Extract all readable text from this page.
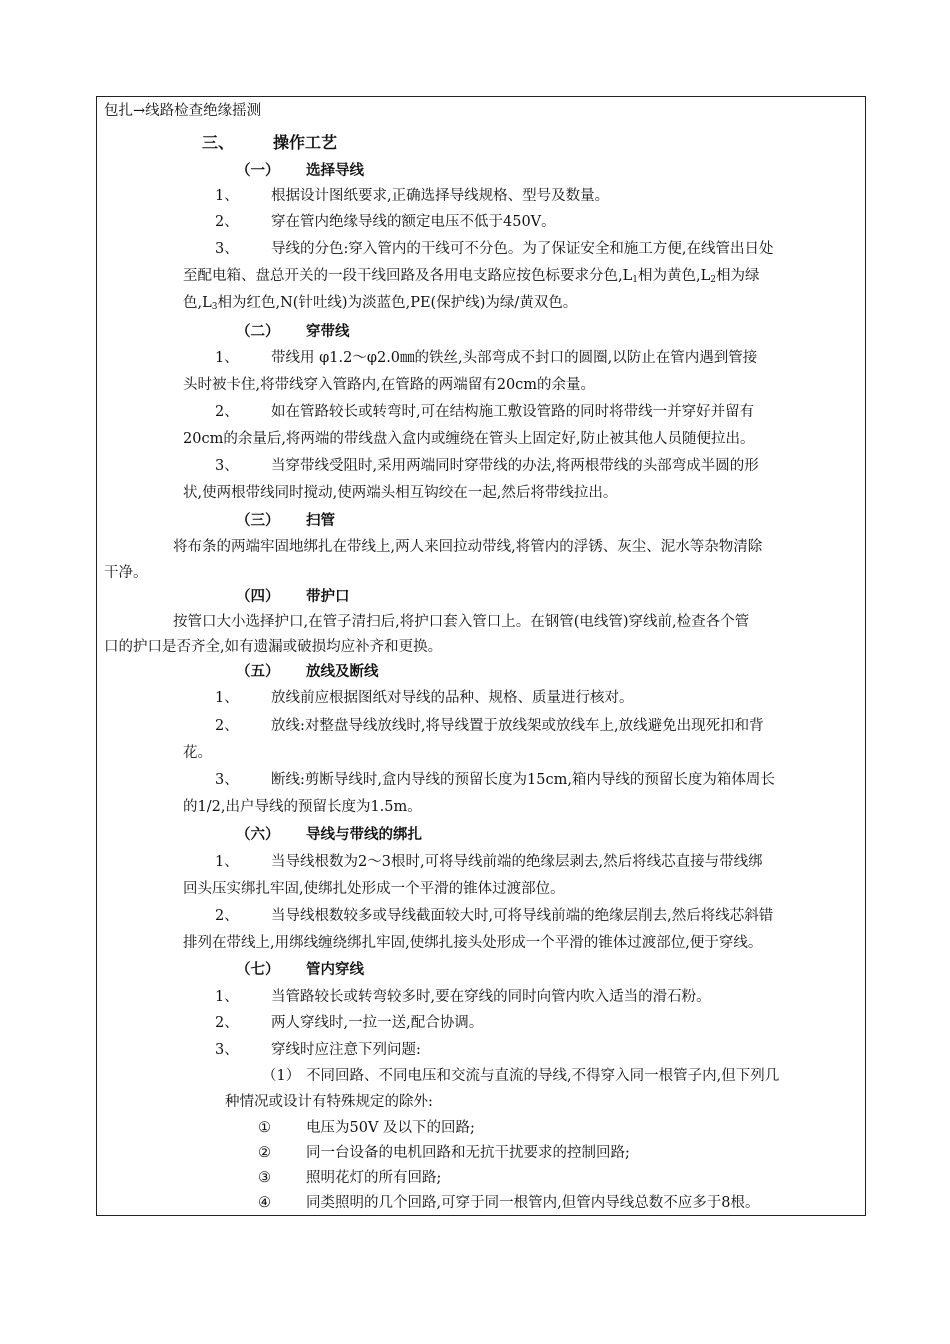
包扎→线路检查绝缘摇测
三、 操作工艺
（一） 选择导线
1、 根据设计图纸要求,正确选择导线规格、型号及数量。
2、 穿在管内绝缘导线的额定电压不低于450V。
3、 导线的分色:穿入管内的干线可不分色。为了保证安全和施工方便,在线管出日处
至配电箱、盘总开关的一段干线回路及各用电支路应按色标要求分色$,L_1$相为黄色$,L_2$相为绿
色$,L_3$相为红色,N(针吐线)为淡蓝色,PE(保护线)为绿/黄双色。
（二） 穿带线
1、 带线用 φ1.2～φ2.0㎜的铁丝,头部弯成不封口的圆圈,以防止在管内遇到管接
头时被卡住,将带线穿入管路内,在管路的两端留有20cm的余量。
2、 如在管路较长或转弯时,可在结构施工敷设管路的同时将带线一并穿好并留有
20cm的余量后,将两端的带线盘入盒内或缠绕在管头上固定好,防止被其他人员随便拉出。
3、 当穿带线受阻时,采用两端同时穿带线的办法,将两根带线的头部弯成半圆的形
状,使两根带线同时搅动,使两端头相互钩绞在一起,然后将带线拉出。
（三） 扫管
将布条的两端牢固地绑扎在带线上,两人来回拉动带线,将管内的浮锈、灰尘、泥水等杂物清除
干净。
（四） 带护口
按管口大小选择护口,在管子清扫后,将护口套入管口上。在钢管(电线管)穿线前,检查各个管
口的护口是否齐全,如有遗漏或破损均应补齐和更换。
（五） 放线及断线
1、 放线前应根据图纸对导线的品种、规格、质量进行核对。
2、 放线:对整盘导线放线时,将导线置于放线架或放线车上,放线避免出现死扣和背
花。
3、 断线:剪断导线时,盒内导线的预留长度为15cm,箱内导线的预留长度为箱体周长
的1/2,出户导线的预留长度为1.5m。
（六） 导线与带线的绑扎
1、 当导线根数为2～3根时,可将导线前端的绝缘层剥去,然后将线芯直接与带线绑
回头压实绑扎牢固,使绑扎处形成一个平滑的锥体过渡部位。
2、 当导线根数较多或导线截面较大时,可将导线前端的绝缘层削去,然后将线芯斜错
排列在带线上,用绑线缠绕绑扎牢固,使绑扎接头处形成一个平滑的锥体过渡部位,便于穿线。
（七） 管内穿线
1、 当管路较长或转弯较多时,要在穿线的同时向管内吹入适当的滑石粉。
2、 两人穿线时,一拉一送,配合协调。
3、 穿线时应注意下列问题:
（1） 不同回路、不同电压和交流与直流的导线,不得穿入同一根管子内,但下列几
种情况或设计有特殊规定的除外:
① 电压为50V 及以下的回路;
② 同一台设备的电机回路和无抗干扰要求的控制回路;
③ 照明花灯的所有回路;
④ 同类照明的几个回路,可穿于同一根管内,但管内导线总数不应多于8根。
